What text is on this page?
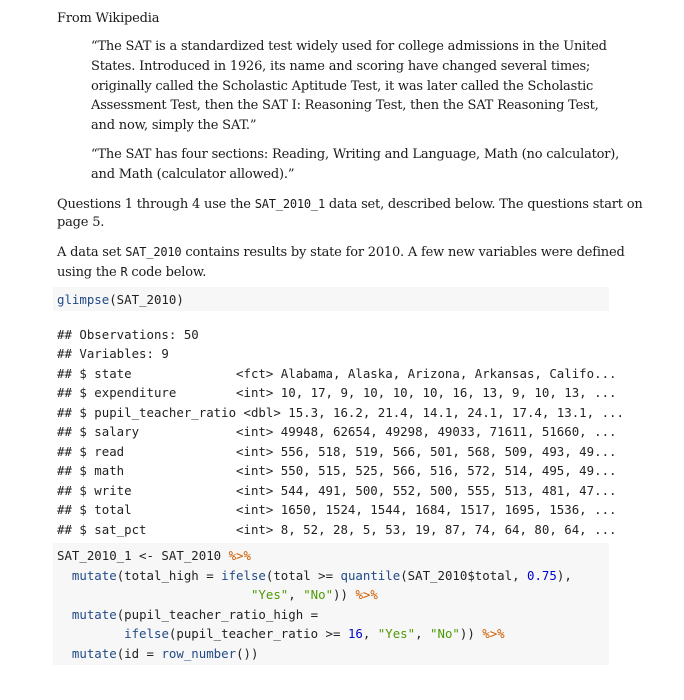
From Wikipedia
“The SAT is a standardized test widely used for college admissions in the United
States. Introduced in 1926, its name and scoring have changed several times;
originally called the Scholastic Aptitude Test, it was later called the Scholastic
Assessment Test, then the SAT I: Reasoning Test, then the SAT Reasoning Test,
and now, simply the SAT.”
“The SAT has four sections: Reading, Writing and Language, Math (no calculator),
and Math (calculator allowed).”
Questions 1 through 4 use the SAT_2010_1 data set, described below. The questions start on
page 5.
A data set SAT_2010 contains results by state for 2010. A few new variables were defined
using the R code below.
glimpse(SAT_2010)
## Observations: 50
## Variables: 9
## $ state              <fct> Alabama, Alaska, Arizona, Arkansas, Califo...
## $ expenditure        <int> 10, 17, 9, 10, 10, 10, 16, 13, 9, 10, 13, ...
## $ pupil_teacher_ratio <dbl> 15.3, 16.2, 21.4, 14.1, 24.1, 17.4, 13.1, ...
## $ salary             <int> 49948, 62654, 49298, 49033, 71611, 51660, ...
## $ read               <int> 556, 518, 519, 566, 501, 568, 509, 493, 49...
## $ math               <int> 550, 515, 525, 566, 516, 572, 514, 495, 49...
## $ write              <int> 544, 491, 500, 552, 500, 555, 513, 481, 47...
## $ total              <int> 1650, 1524, 1544, 1684, 1517, 1695, 1536, ...
## $ sat_pct            <int> 8, 52, 28, 5, 53, 19, 87, 74, 64, 80, 64, ...
SAT_2010_1 <- SAT_2010 %>%
mutate(total_high = ifelse(total >= quantile(SAT_2010$total, 0.75),
"Yes", "No")) %>%
mutate(pupil_teacher_ratio_high =
ifelse(pupil_teacher_ratio >= 16, "Yes", "No")) %>%
mutate(id = row_number())
